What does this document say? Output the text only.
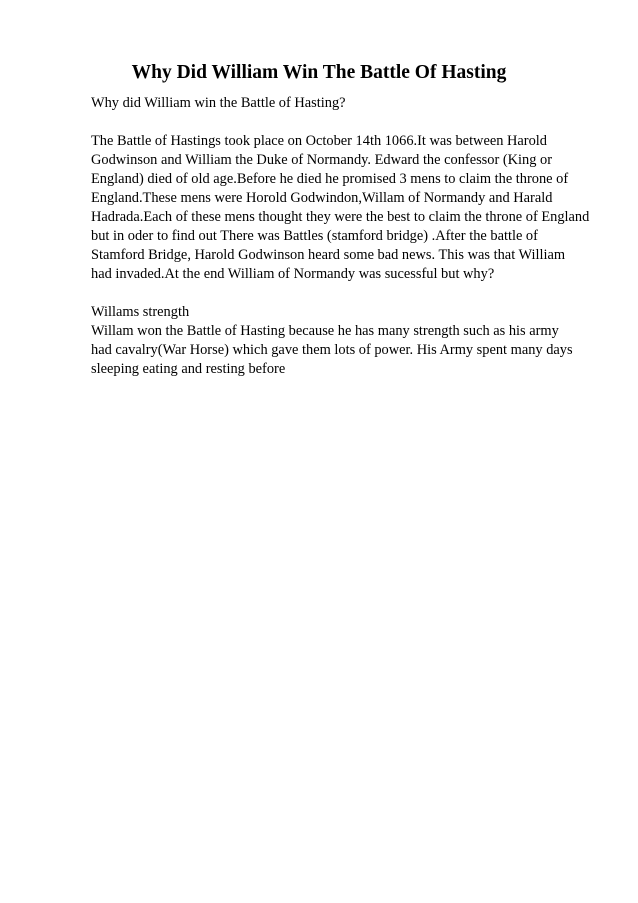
Why Did William Win The Battle Of Hasting

Why did William win the Battle of Hasting?

The Battle of Hastings took place on October 14th 1066.It was between Harold

Godwinson and William the Duke of Normandy. Edward the confessor (King or

England) died of old age.Before he died he promised 3 mens to claim the throne of

England.These mens were Horold Godwindon,Willam of Normandy and Harald

Hadrada.Each of these mens thought they were the best to claim the throne of England

but in oder to find out There was Battles (stamford bridge) .After the battle of

Stamford Bridge, Harold Godwinson heard some bad news. This was that William

had invaded.At the end William of Normandy was sucessful but why?

Willams strength

Willam won the Battle of Hasting because he has many strength such as his army

had cavalry(War Horse) which gave them lots of power. His Army spent many days

sleeping eating and resting before
